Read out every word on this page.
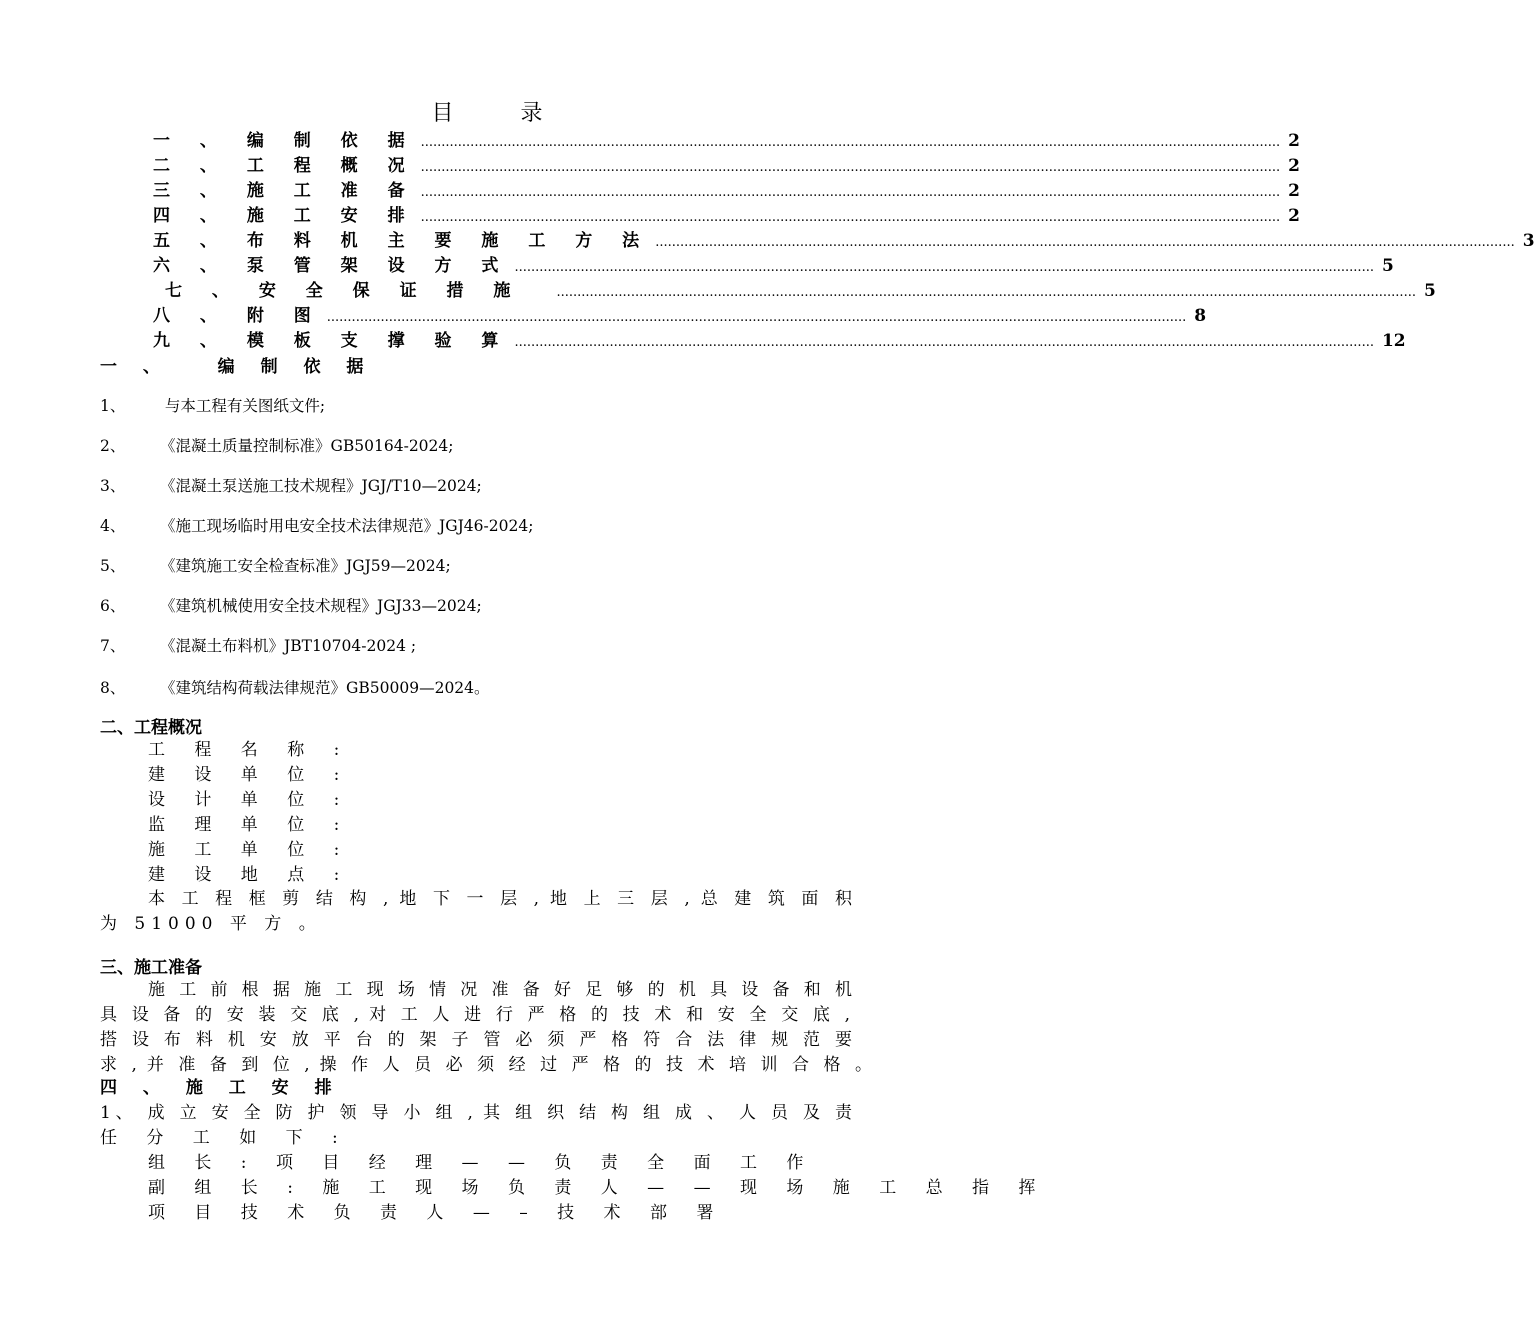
目 录
一 、 编 制 依 据 ................................................................................................................................................................................................................ 2
二 、 工 程 概 况 ................................................................................................................................................................................................................ 2
三 、 施 工 准 备 ................................................................................................................................................................................................................ 2
四 、 施 工 安 排 ................................................................................................................................................................................................................ 2
五 、 布 料 机 主 要 施 工 方 法 ................................................................................................................................................................................................................ 3
六 、 泵 管 架 设 方 式 ................................................................................................................................................................................................................ 5
七 、 安 全 保 证 措 施	................................................................................................................................................................................................................ 5
八 、 附 图 ................................................................................................................................................................................................................ 8
九 、 模 板 支 撑 验 算 ................................................................................................................................................................................................................ 12
一 、   编 制 依 据
1、 与本工程有关图纸文件;
2、 《混凝土质量控制标准》GB50164-2024;
3、 《混凝土泵送施工技术规程》JGJ/T10—2024;
4、 《施工现场临时用电安全技术法律规范》JGJ46-2024;
5、 《建筑施工安全检查标准》JGJ59—2024;
6、 《建筑机械使用安全技术规程》JGJ33—2024;
7、 《混凝土布料机》JBT10704-2024 ;
8、 《建筑结构荷载法律规范》GB50009—2024。
二、工程概况
工 程 名 称 :
建 设 单 位 :
设 计 单 位 :
监 理 单 位 :
施 工 单 位 :
建 设 地 点 :
本 工 程 框 剪 结 构 , 地 下 一 层 , 地 上 三 层 , 总 建 筑 面 积
为 51000 平 方 。
三、施工准备
施 工 前 根 据 施 工 现 场 情 况 准 备 好 足 够 的 机 具 设 备 和 机
具 设 备 的 安 装 交 底 , 对 工 人 进 行 严 格 的 技 术 和 安 全 交 底 ,
搭 设 布 料 机 安 放 平 台 的 架 子 管 必 须 严 格 符 合 法 律 规 范 要
求 , 并 准 备 到 位 , 操 作 人 员 必 须 经 过 严 格 的 技 术 培 训 合 格 。
四 、 施 工 安 排
1、 成 立 安 全 防 护 领 导 小 组 , 其 组 织 结 构 组 成 、 人 员 及 责
任 分 工 如 下 :
组 长 : 项 目 经 理 — — 负 责 全 面 工 作
副 组 长 : 施 工 现 场 负 责 人 — — 现 场 施 工 总 指 挥
项 目 技 术 负 责 人 — – 技 术 部 署
